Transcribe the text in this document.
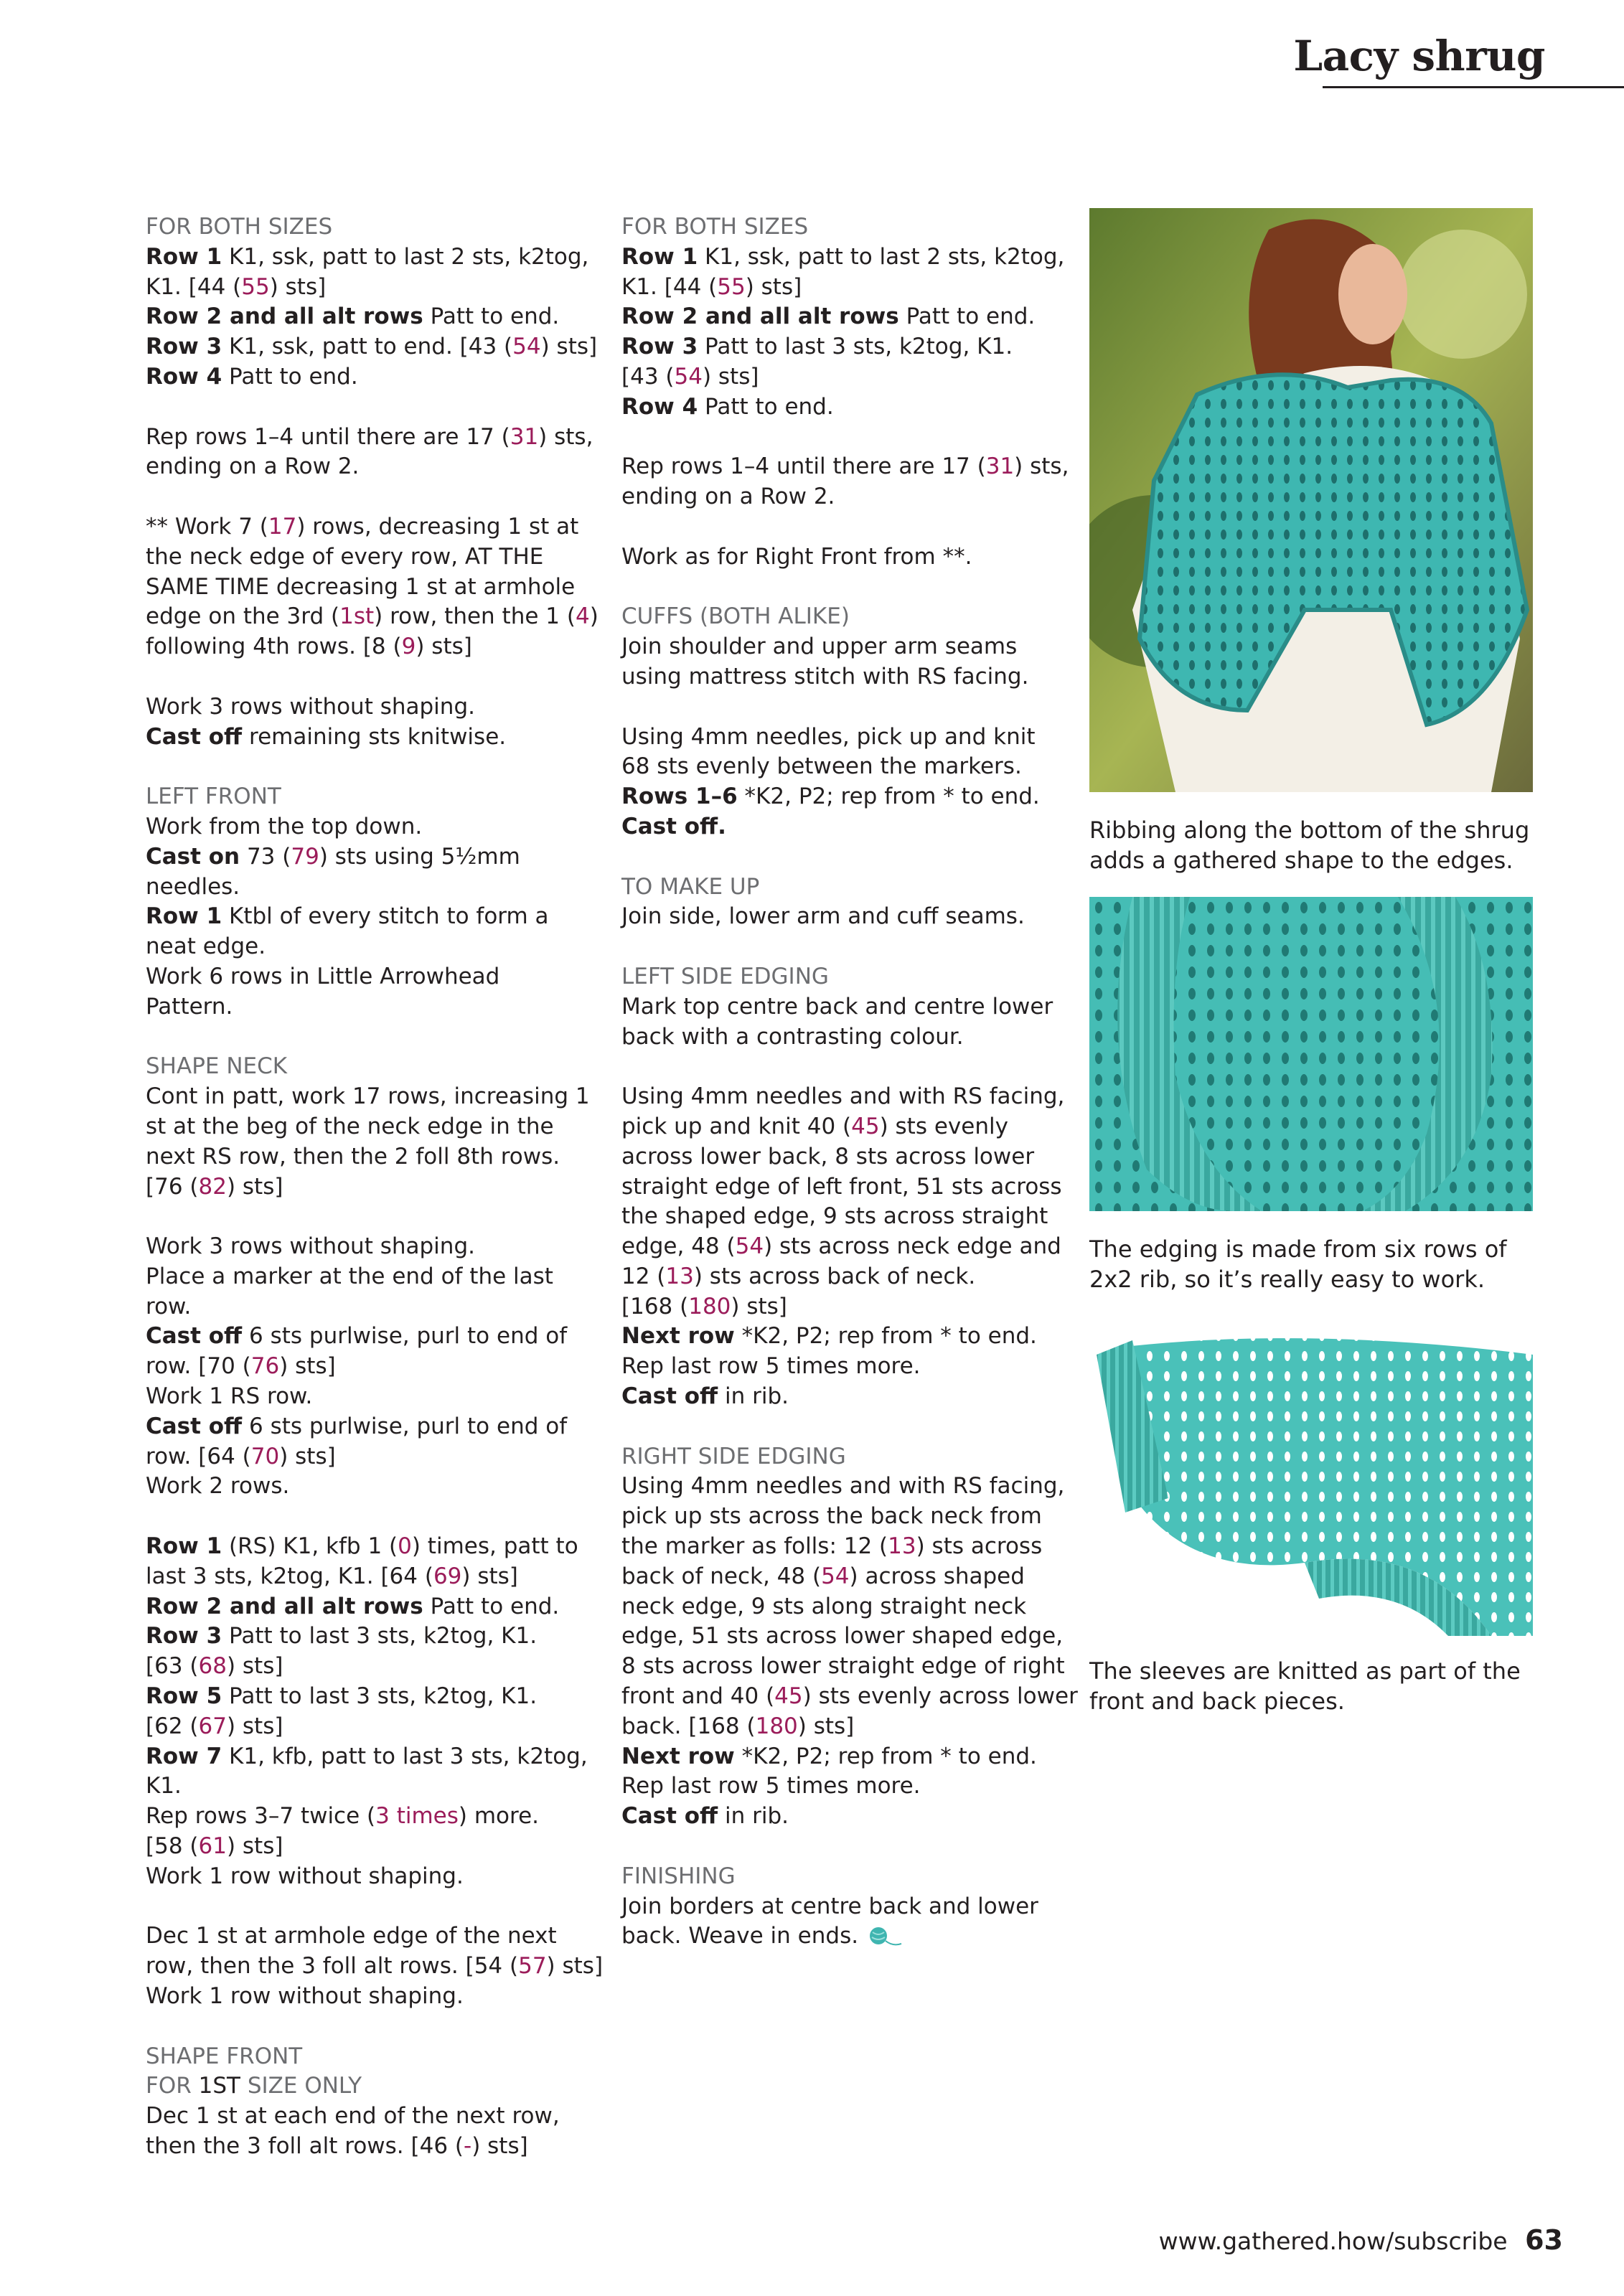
Lacy shrug
FOR BOTH SIZES
Row 1 K1, ssk, patt to last 2 sts, k2tog,
K1. [44 (55) sts]
Row 2 and all alt rows Patt to end.
Row 3 K1, ssk, patt to end. [43 (54) sts]
Row 4 Patt to end.
Rep rows 1–4 until there are 17 (31) sts,
ending on a Row 2.
** Work 7 (17) rows, decreasing 1 st at
the neck edge of every row, AT THE
SAME TIME decreasing 1 st at armhole
edge on the 3rd (1st) row, then the 1 (4)
following 4th rows. [8 (9) sts]
Work 3 rows without shaping.
Cast off remaining sts knitwise.
LEFT FRONT
Work from the top down.
Cast on 73 (79) sts using 5½mm
needles.
Row 1 Ktbl of every stitch to form a
neat edge.
Work 6 rows in Little Arrowhead
Pattern.
SHAPE NECK
Cont in patt, work 17 rows, increasing 1
st at the beg of the neck edge in the
next RS row, then the 2 foll 8th rows.
[76 (82) sts]
Work 3 rows without shaping.
Place a marker at the end of the last
row.
Cast off 6 sts purlwise, purl to end of
row. [70 (76) sts]
Work 1 RS row.
Cast off 6 sts purlwise, purl to end of
row. [64 (70) sts]
Work 2 rows.
Row 1 (RS) K1, kfb 1 (0) times, patt to
last 3 sts, k2tog, K1. [64 (69) sts]
Row 2 and all alt rows Patt to end.
Row 3 Patt to last 3 sts, k2tog, K1.
[63 (68) sts]
Row 5 Patt to last 3 sts, k2tog, K1.
[62 (67) sts]
Row 7 K1, kfb, patt to last 3 sts, k2tog,
K1.
Rep rows 3–7 twice (3 times) more.
[58 (61) sts]
Work 1 row without shaping.
Dec 1 st at armhole edge of the next
row, then the 3 foll alt rows. [54 (57) sts]
Work 1 row without shaping.
SHAPE FRONT
FOR 1ST SIZE ONLY
Dec 1 st at each end of the next row,
then the 3 foll alt rows. [46 (-) sts]
FOR BOTH SIZES
Row 1 K1, ssk, patt to last 2 sts, k2tog,
K1. [44 (55) sts]
Row 2 and all alt rows Patt to end.
Row 3 Patt to last 3 sts, k2tog, K1.
[43 (54) sts]
Row 4 Patt to end.
Rep rows 1–4 until there are 17 (31) sts,
ending on a Row 2.
Work as for Right Front from **.
CUFFS (BOTH ALIKE)
Join shoulder and upper arm seams
using mattress stitch with RS facing.
Using 4mm needles, pick up and knit
68 sts evenly between the markers.
Rows 1–6 *K2, P2; rep from * to end.
Cast off.
TO MAKE UP
Join side, lower arm and cuff seams.
LEFT SIDE EDGING
Mark top centre back and centre lower
back with a contrasting colour.
Using 4mm needles and with RS facing,
pick up and knit 40 (45) sts evenly
across lower back, 8 sts across lower
straight edge of left front, 51 sts across
the shaped edge, 9 sts across straight
edge, 48 (54) sts across neck edge and
12 (13) sts across back of neck.
[168 (180) sts]
Next row *K2, P2; rep from * to end.
Rep last row 5 times more.
Cast off in rib.
RIGHT SIDE EDGING
Using 4mm needles and with RS facing,
pick up sts across the back neck from
the marker as folls: 12 (13) sts across
back of neck, 48 (54) across shaped
neck edge, 9 sts along straight neck
edge, 51 sts across lower shaped edge,
8 sts across lower straight edge of right
front and 40 (45) sts evenly across lower
back. [168 (180) sts]
Next row *K2, P2; rep from * to end.
Rep last row 5 times more.
Cast off in rib.
FINISHING
Join borders at centre back and lower
back. Weave in ends.
Ribbing along the bottom of the shrug
adds a gathered shape to the edges.
The edging is made from six rows of
2x2 rib, so it’s really easy to work.
The sleeves are knitted as part of the
front and back pieces.
www.gathered.how/subscribe 63
